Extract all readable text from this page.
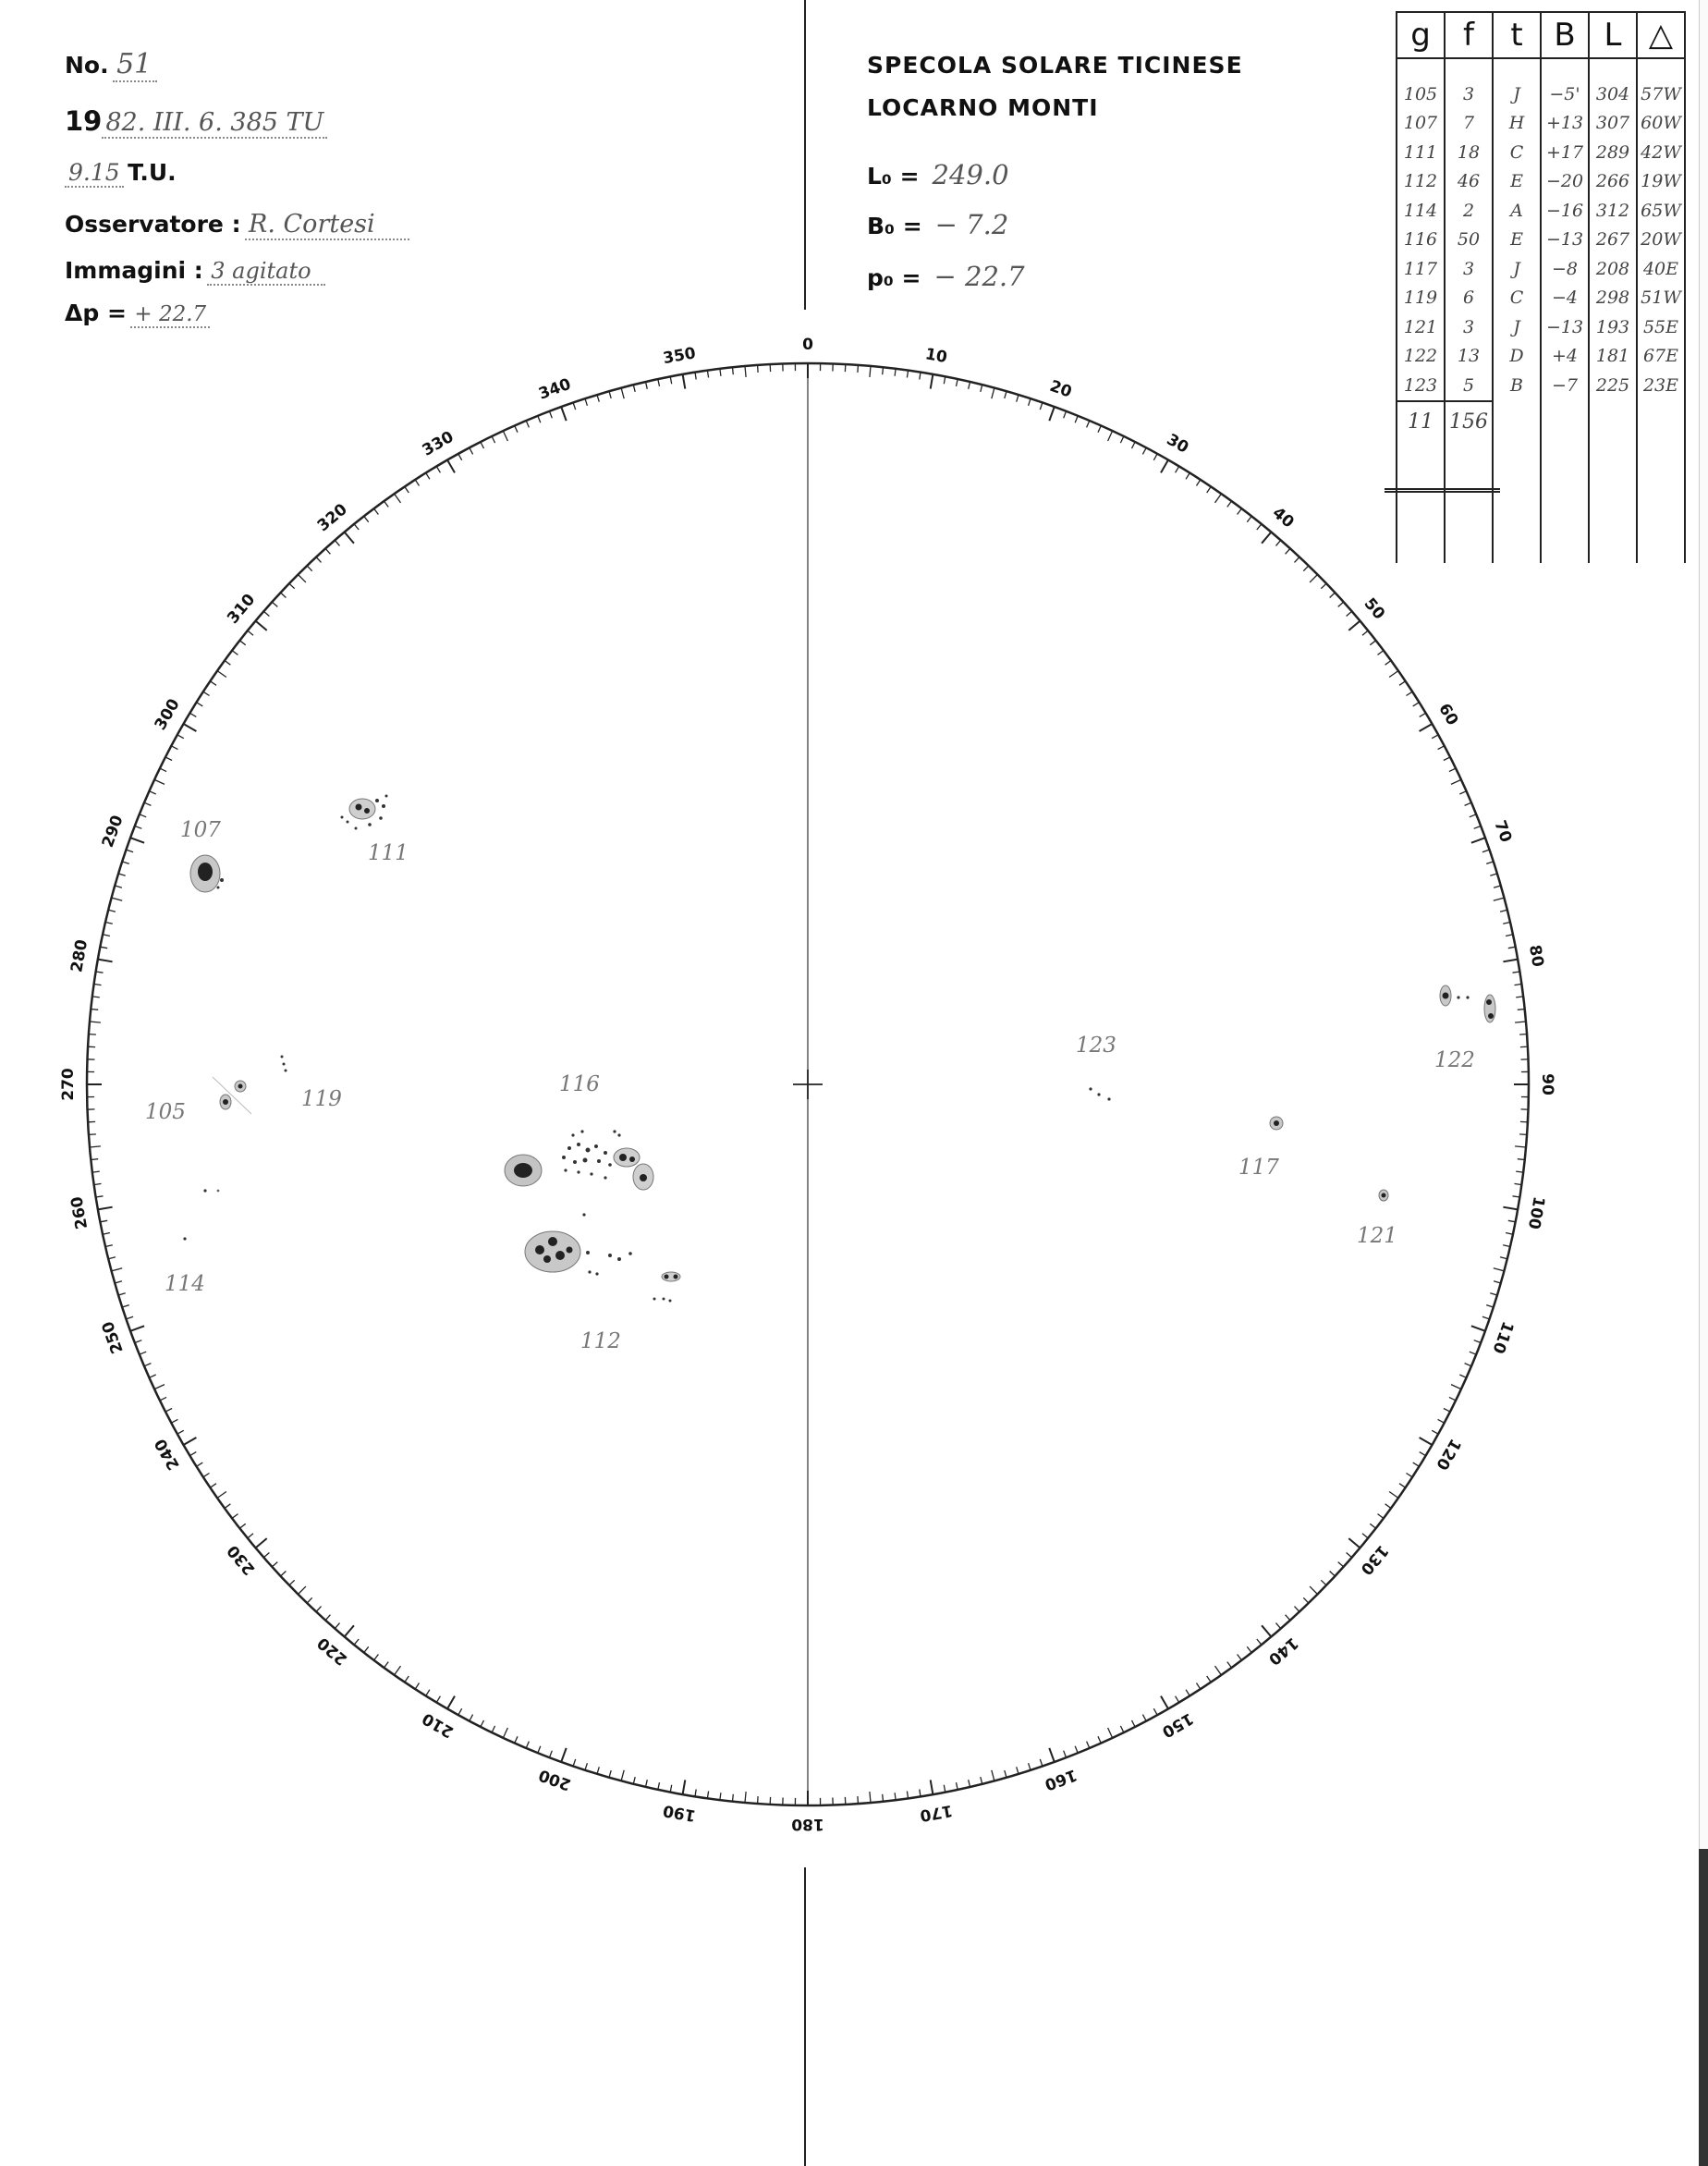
No. 51
19 82. III. 6. 385 TU
9.15 T.U.
Osservatore : R. Cortesi
Immagini : 3 agitato
Δp = + 22.7
SPECOLA SOLARE TICINESE
LOCARNO MONTI
L₀ = 249.0
B₀ = − 7.2
p₀ = − 22.7
g	f	t	B	L	△
105	3	J	−5'	304	57W
107	7	H	+13	307	60W
111	18	C	+17	289	42W
112	46	E	−20	266	19W
114	2	A	−16	312	65W
116	50	E	−13	267	20W
117	3	J	−8	208	40E
119	6	C	−4	298	51W
121	3	J	−13	193	55E
122	13	D	+4	181	67E
123	5	B	−7	225	23E
11	156				

0
10
20
30
40
50
60
70
80
90
100
110
120
130
140
150
160
170
180
190
200
210
220
230
240
250
260
270
280
290
300
310
320
330
340
350
107
111
105
119
114
116
112
123
122
117
121
